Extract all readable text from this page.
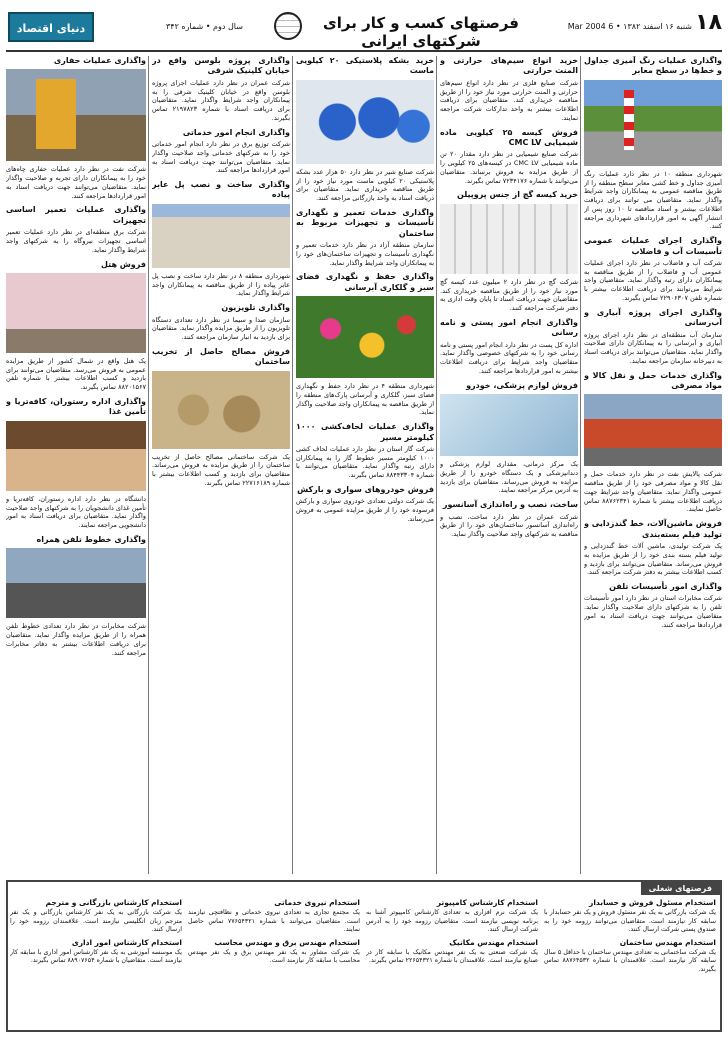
۱۸
شنبه ۱۶ اسفند ۱۳۸۲ • 6 Mar 2004
فرصتهای کسب و کار برای شرکتهای ایرانی
سال دوم • شماره ۳۴۲
دنیای اقتصاد
واگذاری عملیات رنگ آمیزی جداول و خط‌ها در سطح معابر

شهرداری منطقه ۱۰ در نظر دارد عملیات رنگ آمیزی جداول و خط کشی معابر سطح منطقه را از طریق مناقصه عمومی به پیمانکاران واجد شرایط واگذار نماید. متقاضیان می توانند برای دریافت اطلاعات بیشتر و اسناد مناقصه تا ۱۰ روز پس از انتشار آگهی به امور قراردادهای شهرداری مراجعه کنند.

واگذاری اجرای عملیات عمومی تأسیسات آب و فاضلاب

شرکت آب و فاضلاب در نظر دارد اجرای عملیات عمومی آب و فاضلاب را از طریق مناقصه به پیمانکاران دارای رتبه واگذار نماید. متقاضیان واجد شرایط می‌توانند برای دریافت اطلاعات بیشتر با شماره تلفن ۲۲۹۰۶۳۰۷ تماس بگیرند.

واگذاری اجرای پروژه آبیاری و آب‌رسانی

سازمان آب منطقه‌ای در نظر دارد اجرای پروژه آبیاری و آبرسانی را به پیمانکاران دارای صلاحیت واگذار نماید. متقاضیان می‌توانند برای دریافت اسناد به دبیرخانه سازمان مراجعه نمایند.

واگذاری خدمات حمل و نقل کالا و مواد مصرفی

شرکت پالایش نفت در نظر دارد خدمات حمل و نقل کالا و مواد مصرفی خود را از طریق مناقصه عمومی واگذار نماید. متقاضیان واجد شرایط جهت دریافت اطلاعات بیشتر با شماره ۸۸۷۶۲۳۴۱ تماس حاصل نمایند.

فروش ماشین‌آلات، خط گندزدایی و تولید فیلم بسته‌بندی

یک شرکت تولیدی، ماشین آلات خط گندزدایی و تولید فیلم بسته بندی خود را از طریق مزایده به فروش می‌رساند. متقاضیان می‌توانند برای بازدید و کسب اطلاعات بیشتر به دفتر شرکت مراجعه کنند.

واگذاری امور تأسیسات تلفن

شرکت مخابرات استان در نظر دارد امور تأسیسات تلفن را به شرکتهای دارای صلاحیت واگذار نماید. متقاضیان می‌توانند جهت دریافت اسناد به امور قراردادها مراجعه کنند.

خرید انواع سیم‌های حرارتی و المنت حرارتی

شرکت صنایع فلزی در نظر دارد انواع سیم‌های حرارتی و المنت حرارتی مورد نیاز خود را از طریق مناقصه خریداری کند. متقاضیان برای دریافت اطلاعات بیشتر به واحد تدارکات شرکت مراجعه نمایند.

فروش کیسه ۲۵ کیلویی ماده شیمیایی CMC LV

شرکت صنایع شیمیایی در نظر دارد مقدار ۲۰ تن ماده شیمیایی CMC LV در کیسه‌های ۲۵ کیلویی را از طریق مزایده به فروش برساند. متقاضیان می‌توانند با شماره ۷۲۳۴۱۷۶ تماس بگیرند.

خرید کیسه گچ از جنس پروپیلن

شرکت گچ در نظر دارد ۲ میلیون عدد کیسه گچ مورد نیاز خود را از طریق مناقصه خریداری کند. متقاضیان جهت دریافت اسناد تا پایان وقت اداری به دفتر شرکت مراجعه کنند.

واگذاری انجام امور پستی و نامه رسانی

اداره کل پست در نظر دارد انجام امور پستی و نامه رسانی خود را به شرکتهای خصوصی واگذار نماید. متقاضیان واجد شرایط برای دریافت اطلاعات بیشتر به امور قراردادها مراجعه کنند.

فروش لوازم پزشکی، خودرو

یک مرکز درمانی، مقداری لوازم پزشکی و دندانپزشکی و یک دستگاه خودرو را از طریق مزایده به فروش می‌رساند. متقاضیان برای بازدید به آدرس مرکز مراجعه نمایند.

ساخت، نصب و راه‌اندازی آسانسور

شرکت عمران در نظر دارد ساخت، نصب و راه‌اندازی آسانسور ساختمان‌های خود را از طریق مناقصه به شرکتهای واجد صلاحیت واگذار نماید.

خرید بشکه پلاستیکی ۲۰ کیلویی ماست

شرکت صنایع شیر در نظر دارد ۵۰ هزار عدد بشکه پلاستیکی ۲۰ کیلویی ماست مورد نیاز خود را از طریق مناقصه خریداری نماید. متقاضیان برای دریافت اسناد به واحد بازرگانی مراجعه کنند.

واگذاری خدمات تعمیر و نگهداری تأسیسات و تجهیزات مربوط به ساختمان

سازمان منطقه آزاد در نظر دارد خدمات تعمیر و نگهداری تأسیسات و تجهیزات ساختمان‌های خود را به پیمانکاران واجد شرایط واگذار نماید.

واگذاری حفظ و نگهداری فضای سبز و گلکاری آبرسانی

شهرداری منطقه ۴ در نظر دارد حفظ و نگهداری فضای سبز، گلکاری و آبرسانی پارک‌های منطقه را از طریق مناقصه به پیمانکاران واجد صلاحیت واگذار نماید.

واگذاری عملیات لحاف‌کشی ۱۰۰۰ کیلومتر مسیر

شرکت گاز استان در نظر دارد عملیات لحاف کشی ۱۰۰۰ کیلومتر مسیر خطوط گاز را به پیمانکاران دارای رتبه واگذار نماید. متقاضیان می‌توانند با شماره ۸۸۴۴۳۳۰۴ تماس بگیرند.

فروش خودروهای سواری و بارکش

یک شرکت دولتی تعدادی خودروی سواری و بارکش فرسوده خود را از طریق مزایده عمومی به فروش می‌رساند.

واگذاری پروژه بلوسن واقع در خیابان کلینیک شرقی

شرکت عمران در نظر دارد عملیات اجرای پروژه بلوسن واقع در خیابان کلینیک شرقی را به پیمانکاران واجد شرایط واگذار نماید. متقاضیان برای دریافت اسناد با شماره ۲۱۹۷۸۲۳ تماس بگیرند.

واگذاری انجام امور خدماتی

شرکت توزیع برق در نظر دارد انجام امور خدماتی خود را به شرکتهای خدماتی واجد صلاحیت واگذار نماید. متقاضیان می‌توانند جهت دریافت اسناد به امور قراردادها مراجعه کنند.

واگذاری ساخت و نصب پل عابر پیاده

شهرداری منطقه ۸ در نظر دارد ساخت و نصب پل عابر پیاده را از طریق مناقصه به پیمانکاران واجد شرایط واگذار نماید.

واگذاری تلویزیون

سازمان صدا و سیما در نظر دارد تعدادی دستگاه تلویزیون را از طریق مزایده واگذار نماید. متقاضیان برای بازدید به انبار سازمان مراجعه کنند.

فروش مصالح حاصل از تخریب ساختمان

یک شرکت ساختمانی مصالح حاصل از تخریب ساختمان را از طریق مزایده به فروش می‌رساند. متقاضیان برای بازدید و کسب اطلاعات بیشتر با شماره ۲۲۷۱۶۱۸۹ تماس بگیرند.

واگذاری عملیات حفاری

شرکت نفت در نظر دارد عملیات حفاری چاه‌های خود را به پیمانکاران دارای تجربه و صلاحیت واگذار نماید. متقاضیان می‌توانند جهت دریافت اسناد به امور قراردادها مراجعه کنند.

واگذاری عملیات تعمیر اساسی تجهیزات

شرکت برق منطقه‌ای در نظر دارد عملیات تعمیر اساسی تجهیزات نیروگاه را به شرکتهای واجد شرایط واگذار نماید.

فروش هتل

یک هتل واقع در شمال کشور از طریق مزایده عمومی به فروش می‌رسد. متقاضیان می‌توانند برای بازدید و کسب اطلاعات بیشتر با شماره تلفن ۸۸۲۰۱۵۶۷ تماس بگیرند.

واگذاری اداره رستوران، کافه‌تریا و تأمین غذا

دانشگاه در نظر دارد اداره رستوران، کافه‌تریا و تأمین غذای دانشجویان را به شرکتهای واجد صلاحیت واگذار نماید. متقاضیان برای دریافت اسناد به امور دانشجویی مراجعه نمایند.

واگذاری خطوط تلفن همراه

شرکت مخابرات در نظر دارد تعدادی خطوط تلفن همراه را از طریق مزایده واگذار نماید. متقاضیان برای دریافت اطلاعات بیشتر به دفاتر مخابرات مراجعه کنند.

فرصتهای شغلی
استخدام مسئول فروش و حسابدار

یک شرکت بازرگانی به یک نفر مسئول فروش و یک نفر حسابدار با سابقه کار نیازمند است. متقاضیان می‌توانند رزومه خود را به صندوق پستی شرکت ارسال کنند.

استخدام مهندس ساختمان

یک شرکت ساختمانی به تعدادی مهندس ساختمان با حداقل ۵ سال سابقه کار نیازمند است. علاقمندان با شماره ۸۸۷۶۴۵۳۲ تماس بگیرند.

استخدام کارشناس کامپیوتر

یک شرکت نرم افزاری به تعدادی کارشناس کامپیوتر آشنا به برنامه نویسی نیازمند است. متقاضیان رزومه خود را به آدرس شرکت ارسال کنند.

استخدام مهندس مکانیک

یک شرکت صنعتی به یک نفر مهندس مکانیک با سابقه کار در صنایع نیازمند است. علاقمندان با شماره ۲۲۶۵۴۳۲۱ تماس بگیرند.

استخدام نیروی خدماتی

یک مجتمع تجاری به تعدادی نیروی خدماتی و نظافتچی نیازمند است. متقاضیان می‌توانند با شماره ۷۷۶۵۴۳۲۱ تماس حاصل نمایند.

استخدام مهندس برق و مهندس محاسب

یک شرکت مشاور به یک نفر مهندس برق و یک نفر مهندس محاسب با سابقه کار نیازمند است.

استخدام کارشناس بازرگانی و مترجم

یک شرکت بازرگانی به یک نفر کارشناس بازرگانی و یک نفر مترجم زبان انگلیسی نیازمند است. علاقمندان رزومه خود را ارسال کنند.

استخدام کارشناس امور اداری

یک موسسه آموزشی به یک نفر کارشناس امور اداری با سابقه کار نیازمند است. متقاضیان با شماره ۸۸۹۰۷۶۵۴ تماس بگیرند.
